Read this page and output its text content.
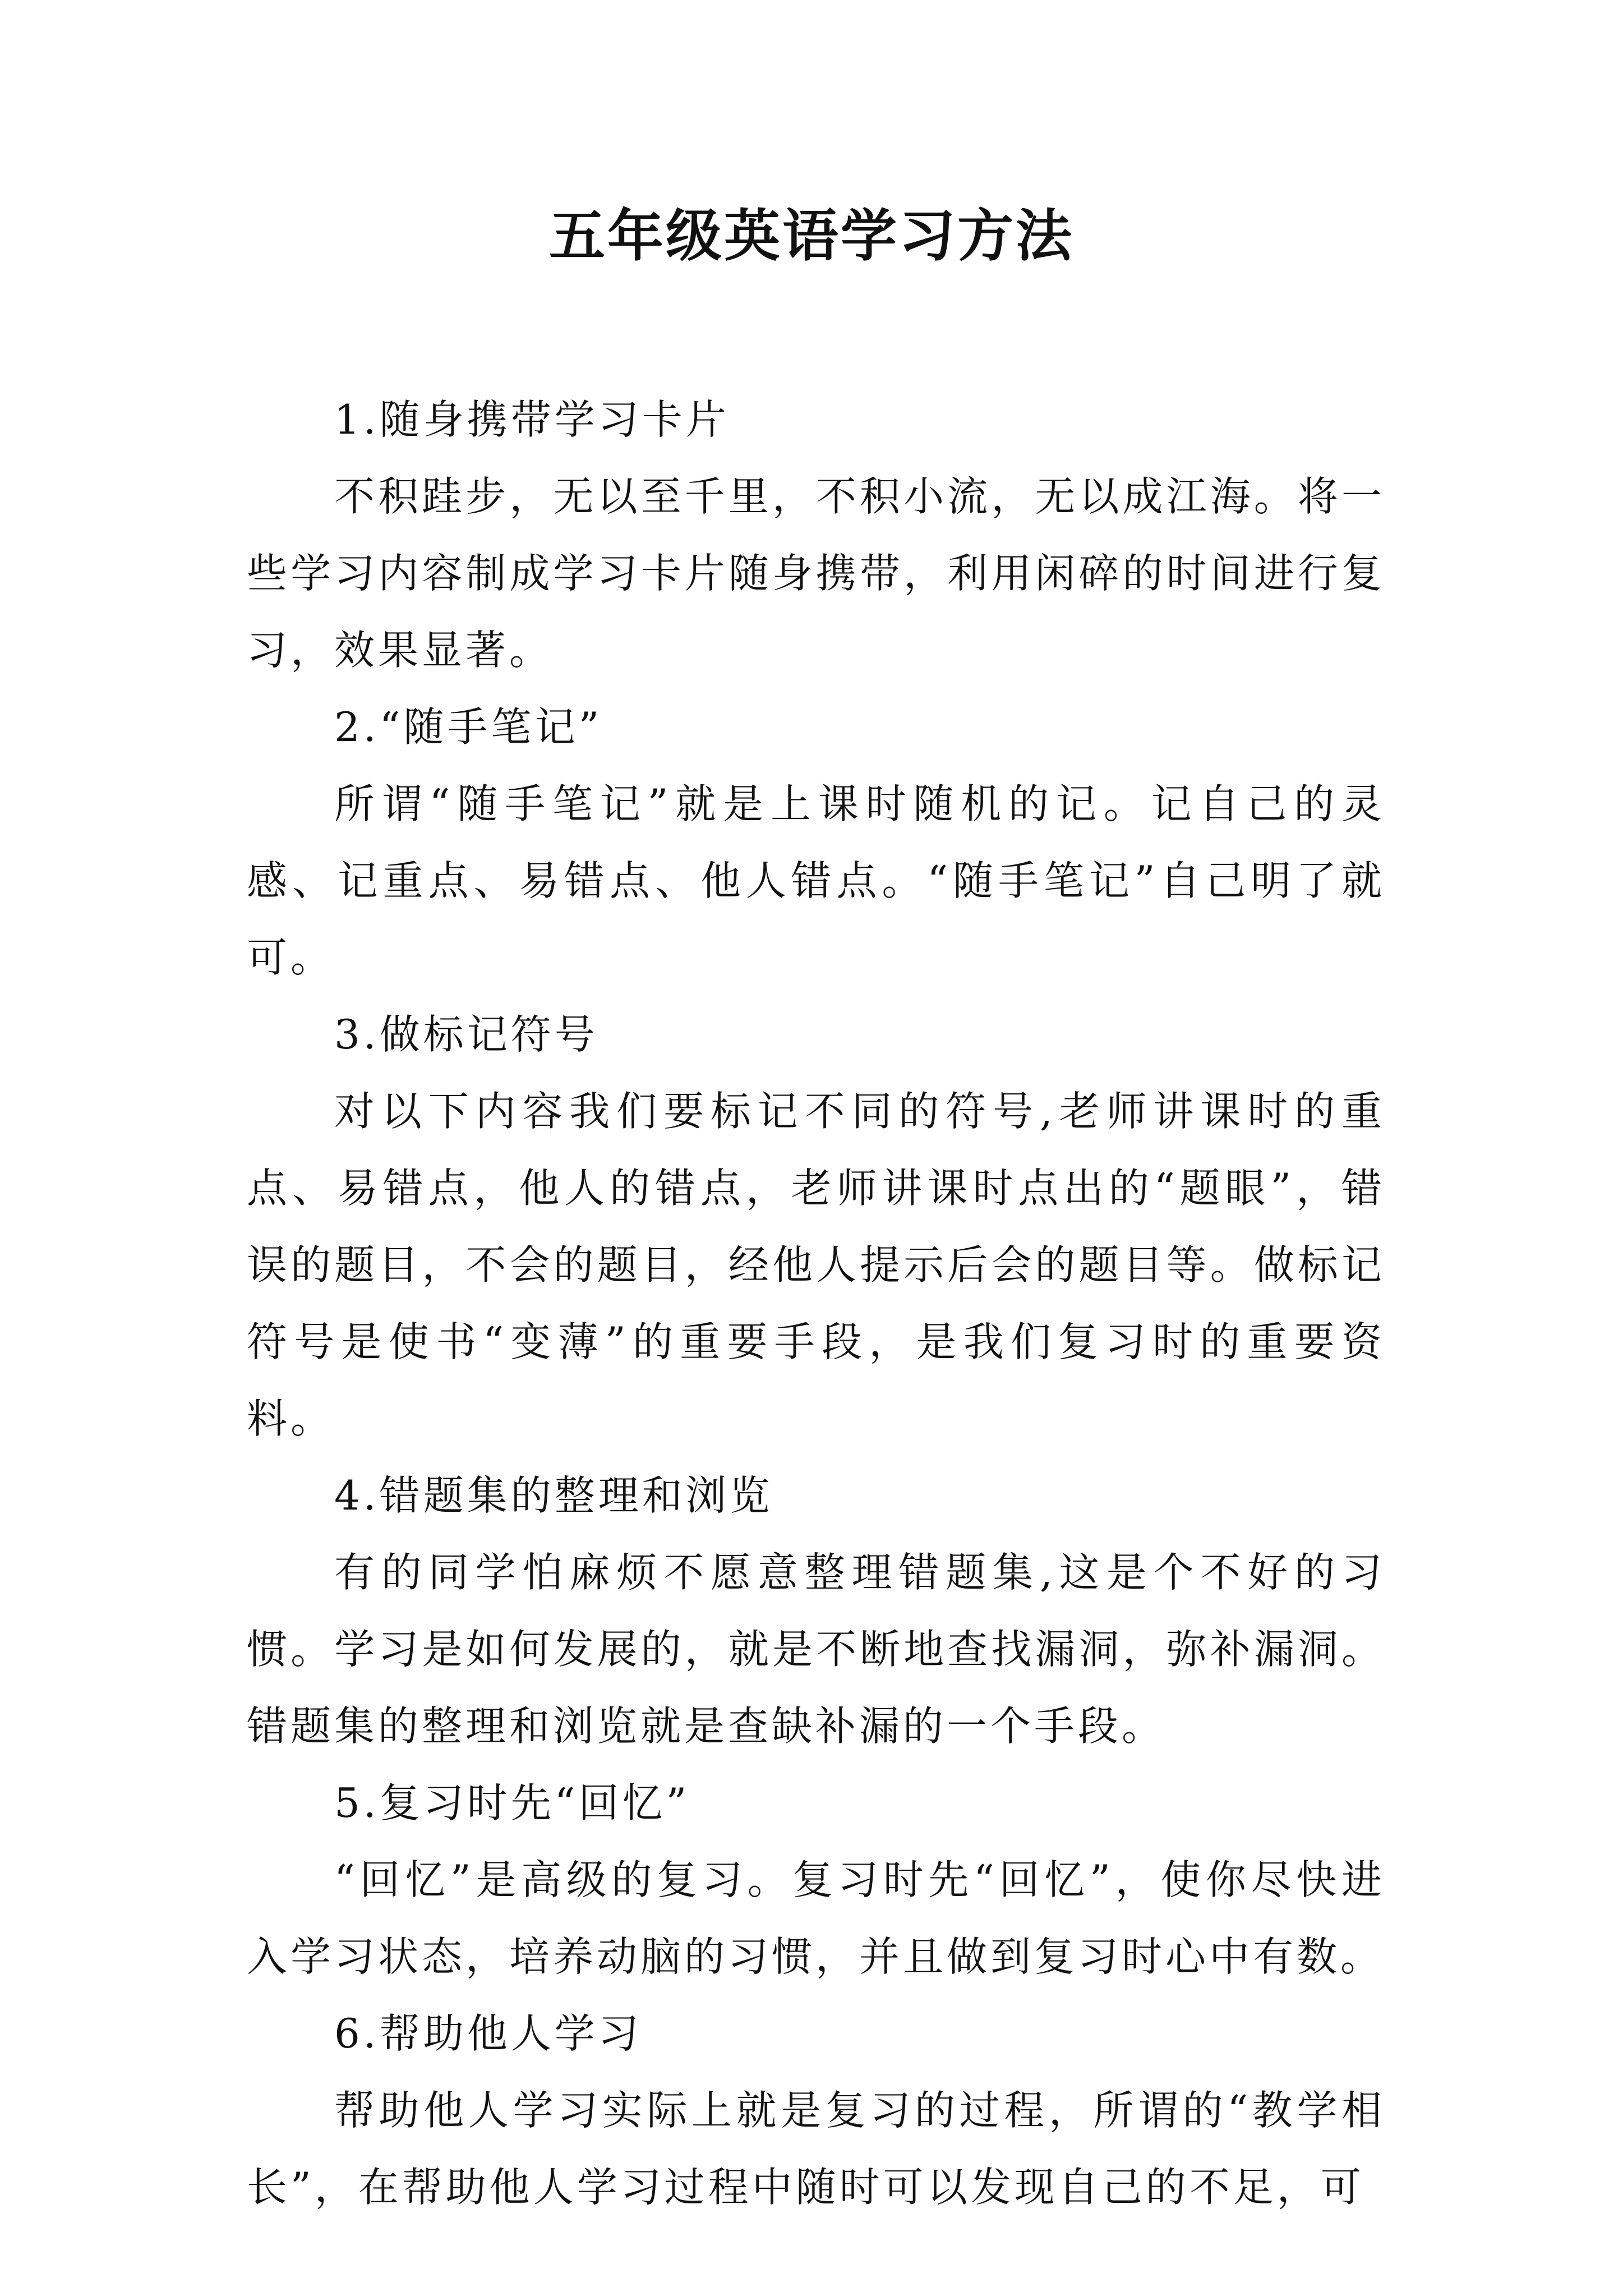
五年级英语学习方法

1.随身携带学习卡片

不积跬步，无以至千里，不积小流，无以成江海。将一些学习内容制成学习卡片随身携带，利用闲碎的时间进行复习，效果显著。

2.“随手笔记”

所谓“随手笔记”就是上课时随机的记。记自己的灵感、记重点、易错点、他人错点。“随手笔记”自己明了就可。

3.做标记符号

对以下内容我们要标记不同的符号,老师讲课时的重点、易错点，他人的错点，老师讲课时点出的“题眼”，错误的题目，不会的题目，经他人提示后会的题目等。做标记符号是使书“变薄”的重要手段，是我们复习时的重要资料。

4.错题集的整理和浏览

有的同学怕麻烦不愿意整理错题集,这是个不好的习惯。学习是如何发展的，就是不断地查找漏洞，弥补漏洞。错题集的整理和浏览就是查缺补漏的一个手段。

5.复习时先“回忆”

“回忆”是高级的复习。复习时先“回忆”，使你尽快进入学习状态，培养动脑的习惯，并且做到复习时心中有数。

6.帮助他人学习

帮助他人学习实际上就是复习的过程，所谓的“教学相长”，在帮助他人学习过程中随时可以发现自己的不足，可
